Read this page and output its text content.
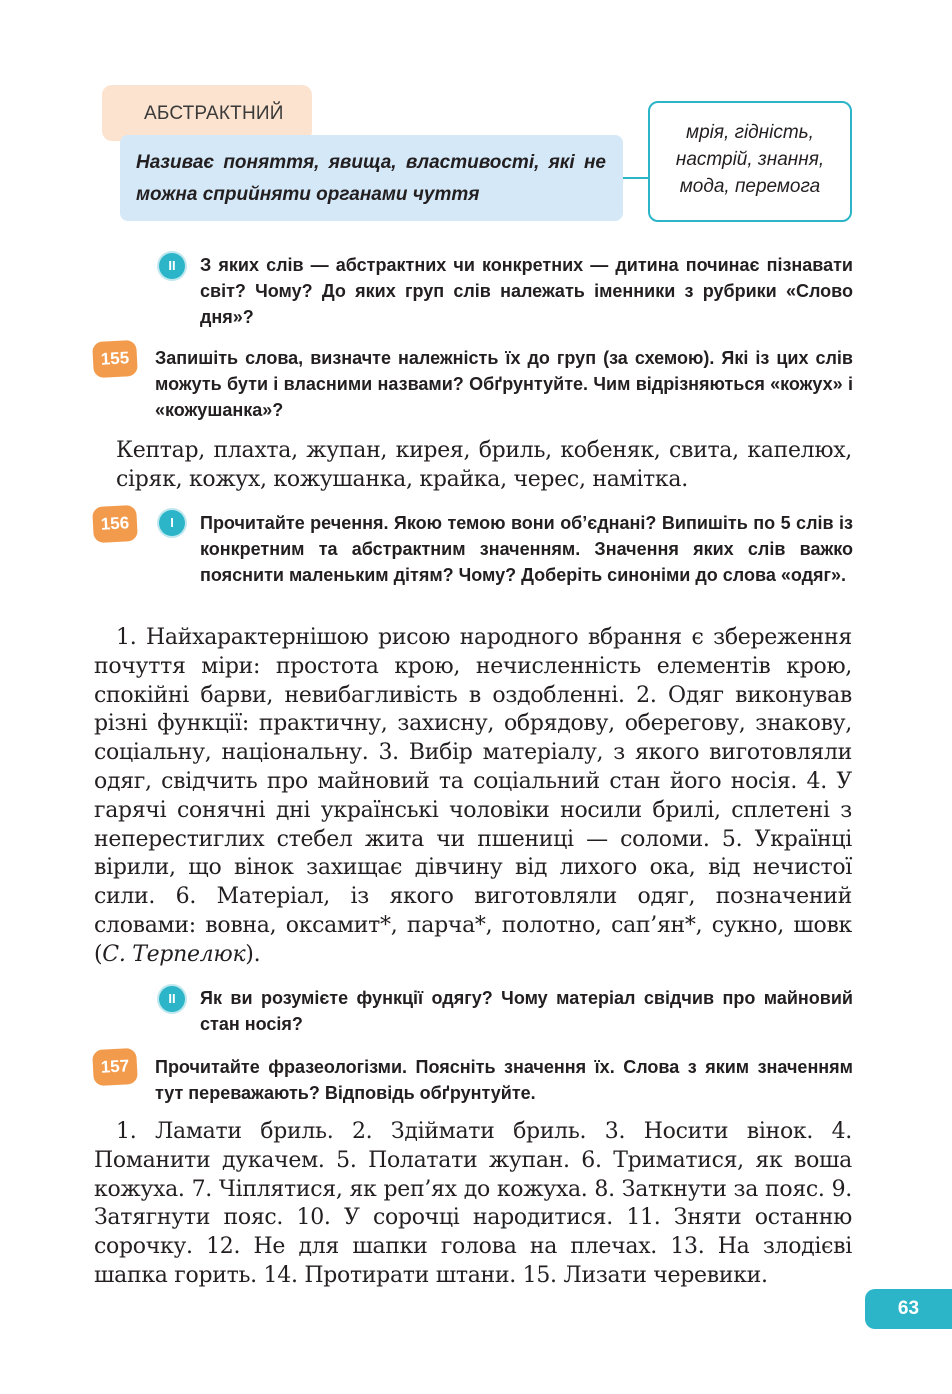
АБСТРАКТНИЙ
Називає поняття, явища, властивості, які не можна сприйняти органами чуття
мрія, гідність,
настрій, знання,
мода, перемога
II	З яких слів — абстрактних чи конкретних — дитина починає пізнавати світ? Чому? До яких груп слів належать іменники з рубрики «Слово дня»?
155	Запишіть слова, визначте належність їх до груп (за схемою). Які із цих слів можуть бути і власними назвами? Обґрунтуйте. Чим відрізняються «кожух» і «кожушанка»?
Кептар, плахта, жупан, кирея, бриль, кобеняк, свита, капелюх, сіряк, кожух, кожушанка, крайка, черес, намітка.
156	I	Прочитайте речення. Якою темою вони об’єднані? Випишіть по 5 слів із конкретним та абстрактним значенням. Значення яких слів важко пояснити маленьким дітям? Чому? Доберіть синоніми до слова «одяг».
1. Найхарактернішою рисою народного вбрання є збереження почуття міри: простота крою, нечисленність елементів крою, спокійні барви, невибагливість в оздобленні. 2. Одяг виконував різні функції: практичну, захисну, обрядову, оберегову, знакову, соціальну, національну. 3. Вибір матеріалу, з якого виготовляли одяг, свідчить про майновий та соціальний стан його носія. 4. У гарячі сонячні дні українські чоловіки носили брилі, сплетені з неперестиглих стебел жита чи пшениці — соломи. 5. Українці вірили, що вінок захищає дівчину від лихого ока, від нечистої сили. 6. Матеріал, із якого виготовляли одяг, позначений словами: вовна, оксамит*, парча*, полотно, сап’ян*, сукно, шовк (С. Терпелюк).
II	Як ви розумієте функції одягу? Чому матеріал свідчив про майновий стан носія?
157	Прочитайте фразеологізми. Поясніть значення їх. Слова з яким значенням тут переважають? Відповідь обґрунтуйте.
1. Ламати бриль. 2. Здіймати бриль. 3. Носити вінок. 4. Поманити дукачем. 5. Полатати жупан. 6. Триматися, як воша кожуха. 7. Чіплятися, як реп’ях до кожуха. 8. Заткнути за пояс. 9. Затягнути пояс. 10. У сорочці народитися. 11. Зняти останню сорочку. 12. Не для шапки голова на плечах. 13. На злодієві шапка горить. 14. Протирати штани. 15. Лизати черевики.
63
